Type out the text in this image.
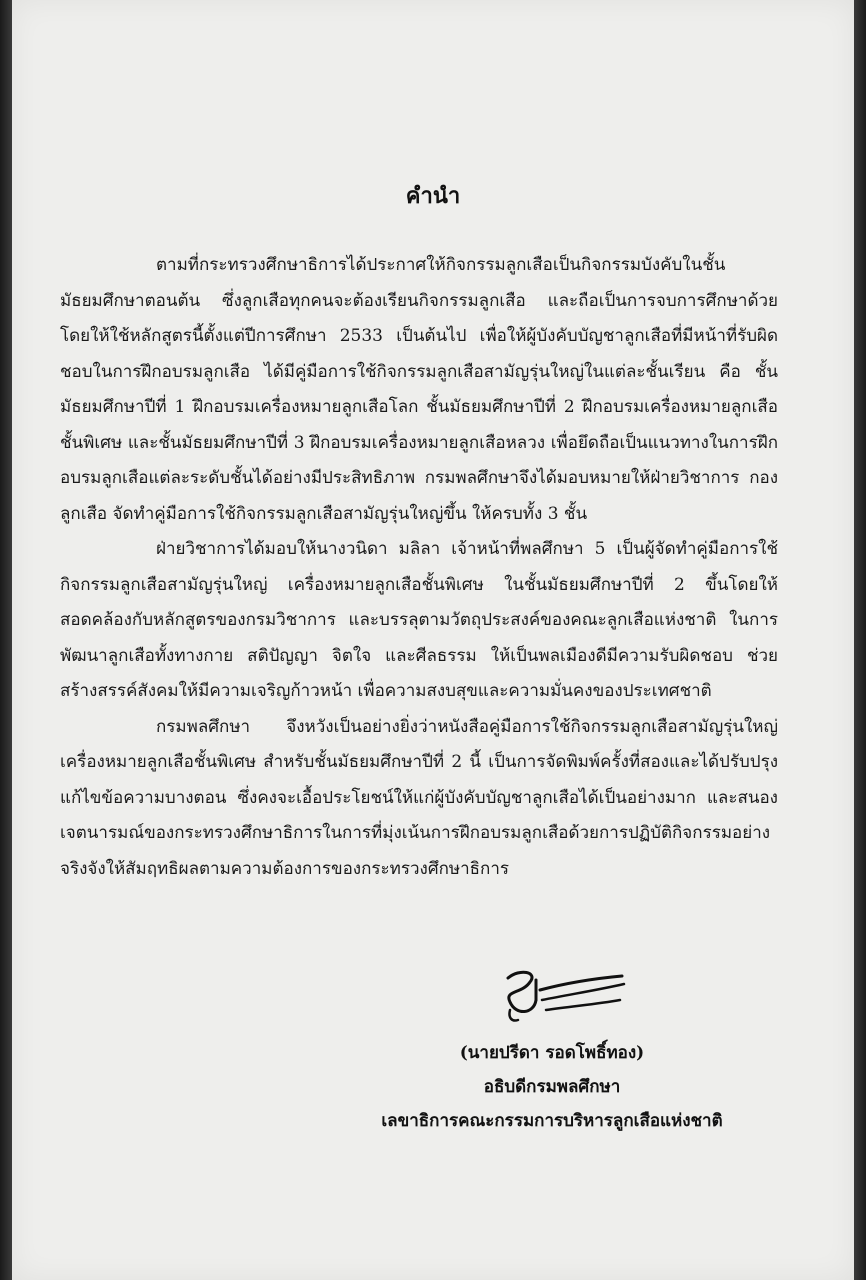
คำนำ

ตามที่กระทรวงศึกษาธิการได้ประกาศให้กิจกรรมลูกเสือเป็นกิจกรรมบังคับในชั้นมัธยมศึกษาตอนต้น ซึ่งลูกเสือทุกคนจะต้องเรียนกิจกรรมลูกเสือ และถือเป็นการจบการศึกษาด้วย โดยให้ใช้หลักสูตรนี้ตั้งแต่ปีการศึกษา 2533 เป็นต้นไป เพื่อให้ผู้บังคับบัญชาลูกเสือที่มีหน้าที่รับผิดชอบในการฝึกอบรมลูกเสือ ได้มีคู่มือการใช้กิจกรรมลูกเสือสามัญรุ่นใหญ่ในแต่ละชั้นเรียน คือ ชั้นมัธยมศึกษาปีที่ 1 ฝึกอบรมเครื่องหมายลูกเสือโลก ชั้นมัธยมศึกษาปีที่ 2 ฝึกอบรมเครื่องหมายลูกเสือชั้นพิเศษ และชั้นมัธยมศึกษาปีที่ 3 ฝึกอบรมเครื่องหมายลูกเสือหลวง เพื่อยึดถือเป็นแนวทางในการฝึกอบรมลูกเสือแต่ละระดับชั้นได้อย่างมีประสิทธิภาพ กรมพลศึกษาจึงได้มอบหมายให้ฝ่ายวิชาการ กองลูกเสือ จัดทำคู่มือการใช้กิจกรรมลูกเสือสามัญรุ่นใหญ่ขึ้น ให้ครบทั้ง 3 ชั้น

ฝ่ายวิชาการได้มอบให้นางวนิดา มลิลา เจ้าหน้าที่พลศึกษา 5 เป็นผู้จัดทำคู่มือการใช้กิจกรรมลูกเสือสามัญรุ่นใหญ่ เครื่องหมายลูกเสือชั้นพิเศษ ในชั้นมัธยมศึกษาปีที่ 2 ขึ้นโดยให้สอดคล้องกับหลักสูตรของกรมวิชาการ และบรรลุตามวัตถุประสงค์ของคณะลูกเสือแห่งชาติ ในการพัฒนาลูกเสือทั้งทางกาย สติปัญญา จิตใจ และศีลธรรม ให้เป็นพลเมืองดีมีความรับผิดชอบ ช่วยสร้างสรรค์สังคมให้มีความเจริญก้าวหน้า เพื่อความสงบสุขและความมั่นคงของประเทศชาติ

กรมพลศึกษา จึงหวังเป็นอย่างยิ่งว่าหนังสือคู่มือการใช้กิจกรรมลูกเสือสามัญรุ่นใหญ่ เครื่องหมายลูกเสือชั้นพิเศษ สำหรับชั้นมัธยมศึกษาปีที่ 2 นี้ เป็นการจัดพิมพ์ครั้งที่สองและได้ปรับปรุง แก้ไขข้อความบางตอน ซึ่งคงจะเอื้อประโยชน์ให้แก่ผู้บังคับบัญชาลูกเสือได้เป็นอย่างมาก และสนองเจตนารมณ์ของกระทรวงศึกษาธิการในการที่มุ่งเน้นการฝึกอบรมลูกเสือด้วยการปฏิบัติกิจกรรมอย่างจริงจังให้สัมฤทธิผลตามความต้องการของกระทรวงศึกษาธิการ

(นายปรีดา รอดโพธิ์ทอง)
อธิบดีกรมพลศึกษา
เลขาธิการคณะกรรมการบริหารลูกเสือแห่งชาติ
